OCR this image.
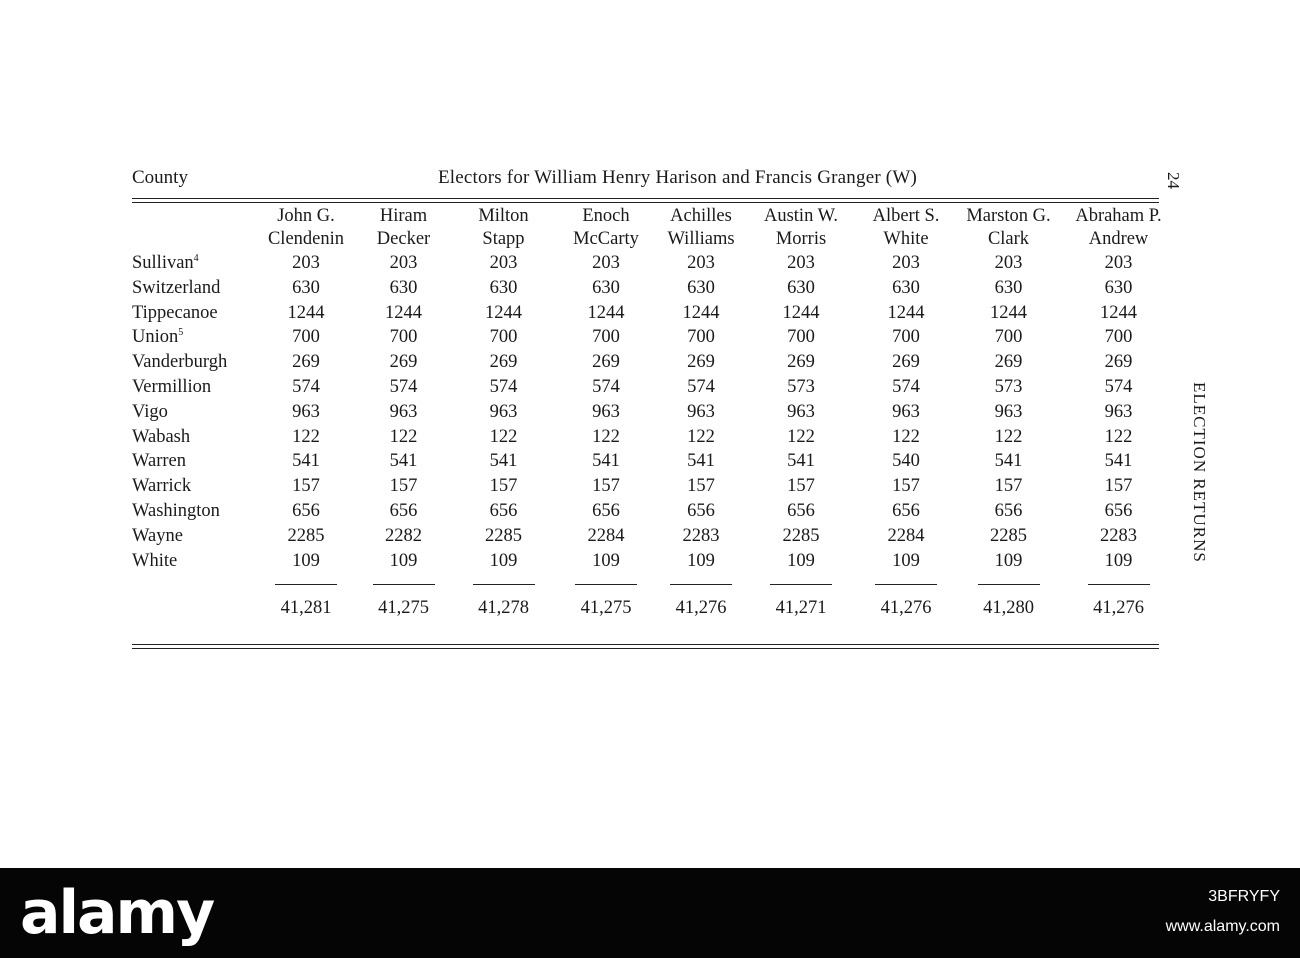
County	Electors for William Henry Harison and Francis Granger (W)	24
ELECTION RETURNS
	John G.	Hiram	Milton	Enoch	Achilles	Austin W.	Albert S.	Marston G.	Abraham P.
	Clendenin	Decker	Stapp	McCarty	Williams	Morris	White	Clark	Andrew
Sullivan$^4$	203	203	203	203	203	203	203	203	203
Switzerland	630	630	630	630	630	630	630	630	630
Tippecanoe	1244	1244	1244	1244	1244	1244	1244	1244	1244
Union$^5$	700	700	700	700	700	700	700	700	700
Vanderburgh	269	269	269	269	269	269	269	269	269
Vermillion	574	574	574	574	574	573	574	573	574
Vigo	963	963	963	963	963	963	963	963	963
Wabash	122	122	122	122	122	122	122	122	122
Warren	541	541	541	541	541	541	540	541	541
Warrick	157	157	157	157	157	157	157	157	157
Washington	656	656	656	656	656	656	656	656	656
Wayne	2285	2282	2285	2284	2283	2285	2284	2285	2283
White	109	109	109	109	109	109	109	109	109

	41,281	41,275	41,278	41,275	41,276	41,271	41,276	41,280	41,276
alamy	3BFRYFY
www.alamy.com
